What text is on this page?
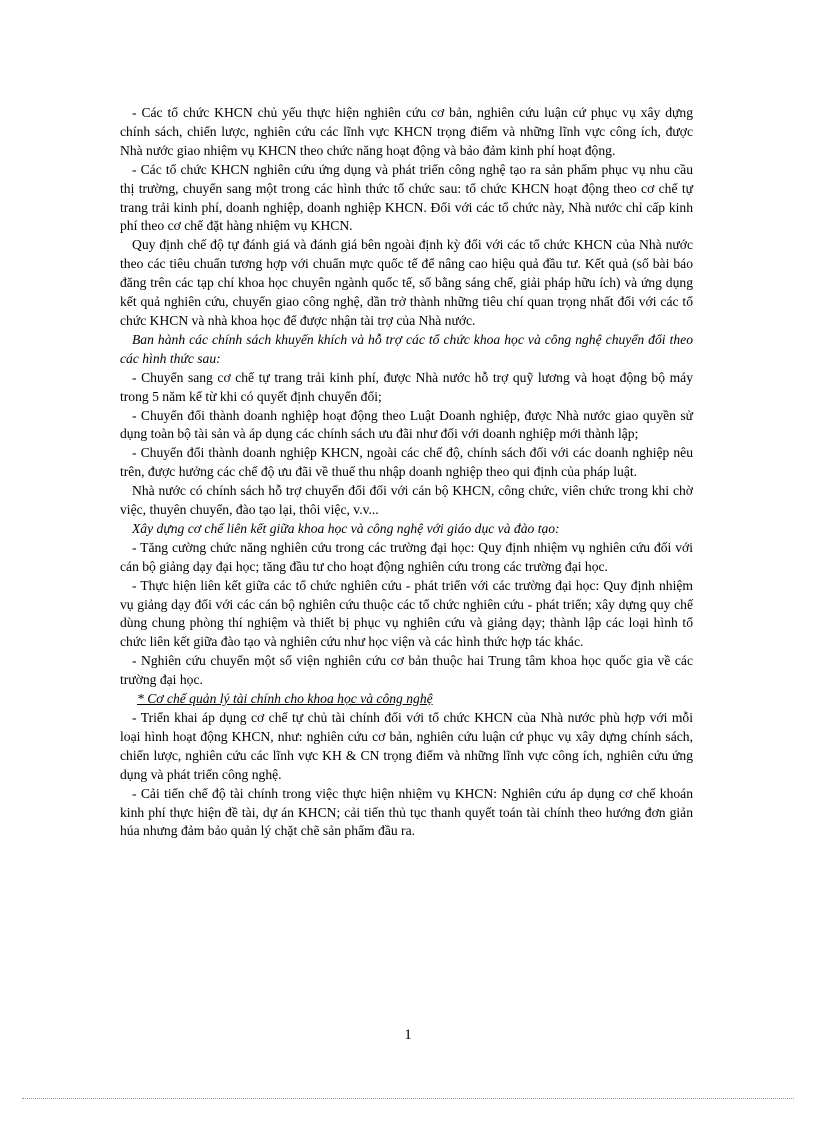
- Các tổ chức KHCN chủ yếu thực hiện nghiên cứu cơ bản, nghiên cứu luận cứ phục vụ xây dựng chính sách, chiến lược, nghiên cứu các lĩnh vực KHCN trọng điểm và những lĩnh vực công ích, được Nhà nước giao nhiệm vụ KHCN theo chức năng hoạt động và bảo đảm kinh phí hoạt động.

- Các tổ chức KHCN nghiên cứu ứng dụng và phát triển công nghệ tạo ra sản phẩm phục vụ nhu cầu thị trường, chuyển sang một trong các hình thức tổ chức sau: tổ chức KHCN hoạt động theo cơ chế tự trang trải kinh phí, doanh nghiệp, doanh nghiệp KHCN. Đối với các tổ chức này, Nhà nước chỉ cấp kinh phí theo cơ chế đặt hàng nhiệm vụ KHCN.

Quy định chế độ tự đánh giá và đánh giá bên ngoài định kỳ đối với các tổ chức KHCN của Nhà nước theo các tiêu chuẩn tương hợp với chuẩn mực quốc tế để nâng cao hiệu quả đầu tư. Kết quả (số bài báo đăng trên các tạp chí khoa học chuyên ngành quốc tế, số bằng sáng chế, giải pháp hữu ích) và ứng dụng kết quả nghiên cứu, chuyển giao công nghệ, dần trở thành những tiêu chí quan trọng nhất đối với các tổ chức KHCN và nhà khoa học để được nhận tài trợ của Nhà nước.

Ban hành các chính sách khuyến khích và hỗ trợ các tổ chức khoa học và công nghệ chuyển đổi theo các hình thức sau:

- Chuyển sang cơ chế tự trang trải kinh phí, được Nhà nước hỗ trợ quỹ lương và hoạt động bộ máy trong 5 năm kể từ khi có quyết định chuyển đổi;

- Chuyển đổi thành doanh nghiệp hoạt động theo Luật Doanh nghiệp, được Nhà nước giao quyền sử dụng toàn bộ tài sản và áp dụng các chính sách ưu đãi như đối với doanh nghiệp mới thành lập;

- Chuyển đổi thành doanh nghiệp KHCN, ngoài các chế độ, chính sách đối với các doanh nghiệp nêu trên, được hưởng các chế độ ưu đãi về thuế thu nhập doanh nghiệp theo qui định của pháp luật.

Nhà nước có chính sách hỗ trợ chuyển đổi đối với cán bộ KHCN, công chức, viên chức trong khi chờ việc, thuyên chuyển, đào tạo lại, thôi việc, v.v...

Xây dựng cơ chế liên kết giữa khoa học và công nghệ với giáo dục và đào tạo:

- Tăng cường chức năng nghiên cứu trong các trường đại học: Quy định nhiệm vụ nghiên cứu đối với cán bộ giảng dạy đại học; tăng đầu tư cho hoạt động nghiên cứu trong các trường đại học.

- Thực hiện liên kết giữa các tổ chức nghiên cứu - phát triển với các trường đại học: Quy định nhiệm vụ giảng dạy đối với các cán bộ nghiên cứu thuộc các tổ chức nghiên cứu - phát triển; xây dựng quy chế dùng chung phòng thí nghiệm và thiết bị phục vụ nghiên cứu và giảng dạy; thành lập các loại hình tổ chức liên kết giữa đào tạo và nghiên cứu như học viện và các hình thức hợp tác khác.

- Nghiên cứu chuyển một số viện nghiên cứu cơ bản thuộc hai Trung tâm khoa học quốc gia về các trường đại học.

* Cơ chế quản lý tài chính cho khoa học và công nghệ

- Triển khai áp dụng cơ chế tự chủ tài chính đối với tổ chức KHCN của Nhà nước phù hợp với mỗi loại hình hoạt động KHCN, như: nghiên cứu cơ bản, nghiên cứu luận cứ phục vụ xây dựng chính sách, chiến lược, nghiên cứu các lĩnh vực KH & CN trọng điểm và những lĩnh vực công ích, nghiên cứu ứng dụng và phát triển công nghệ.

- Cải tiến chế độ tài chính trong việc thực hiện nhiệm vụ KHCN: Nghiên cứu áp dụng cơ chế khoán kinh phí thực hiện đề tài, dự án KHCN; cải tiến thủ tục thanh quyết toán tài chính theo hướng đơn giản húa nhưng đảm bảo quản lý chặt chẽ sản phẩm đầu ra.

1
